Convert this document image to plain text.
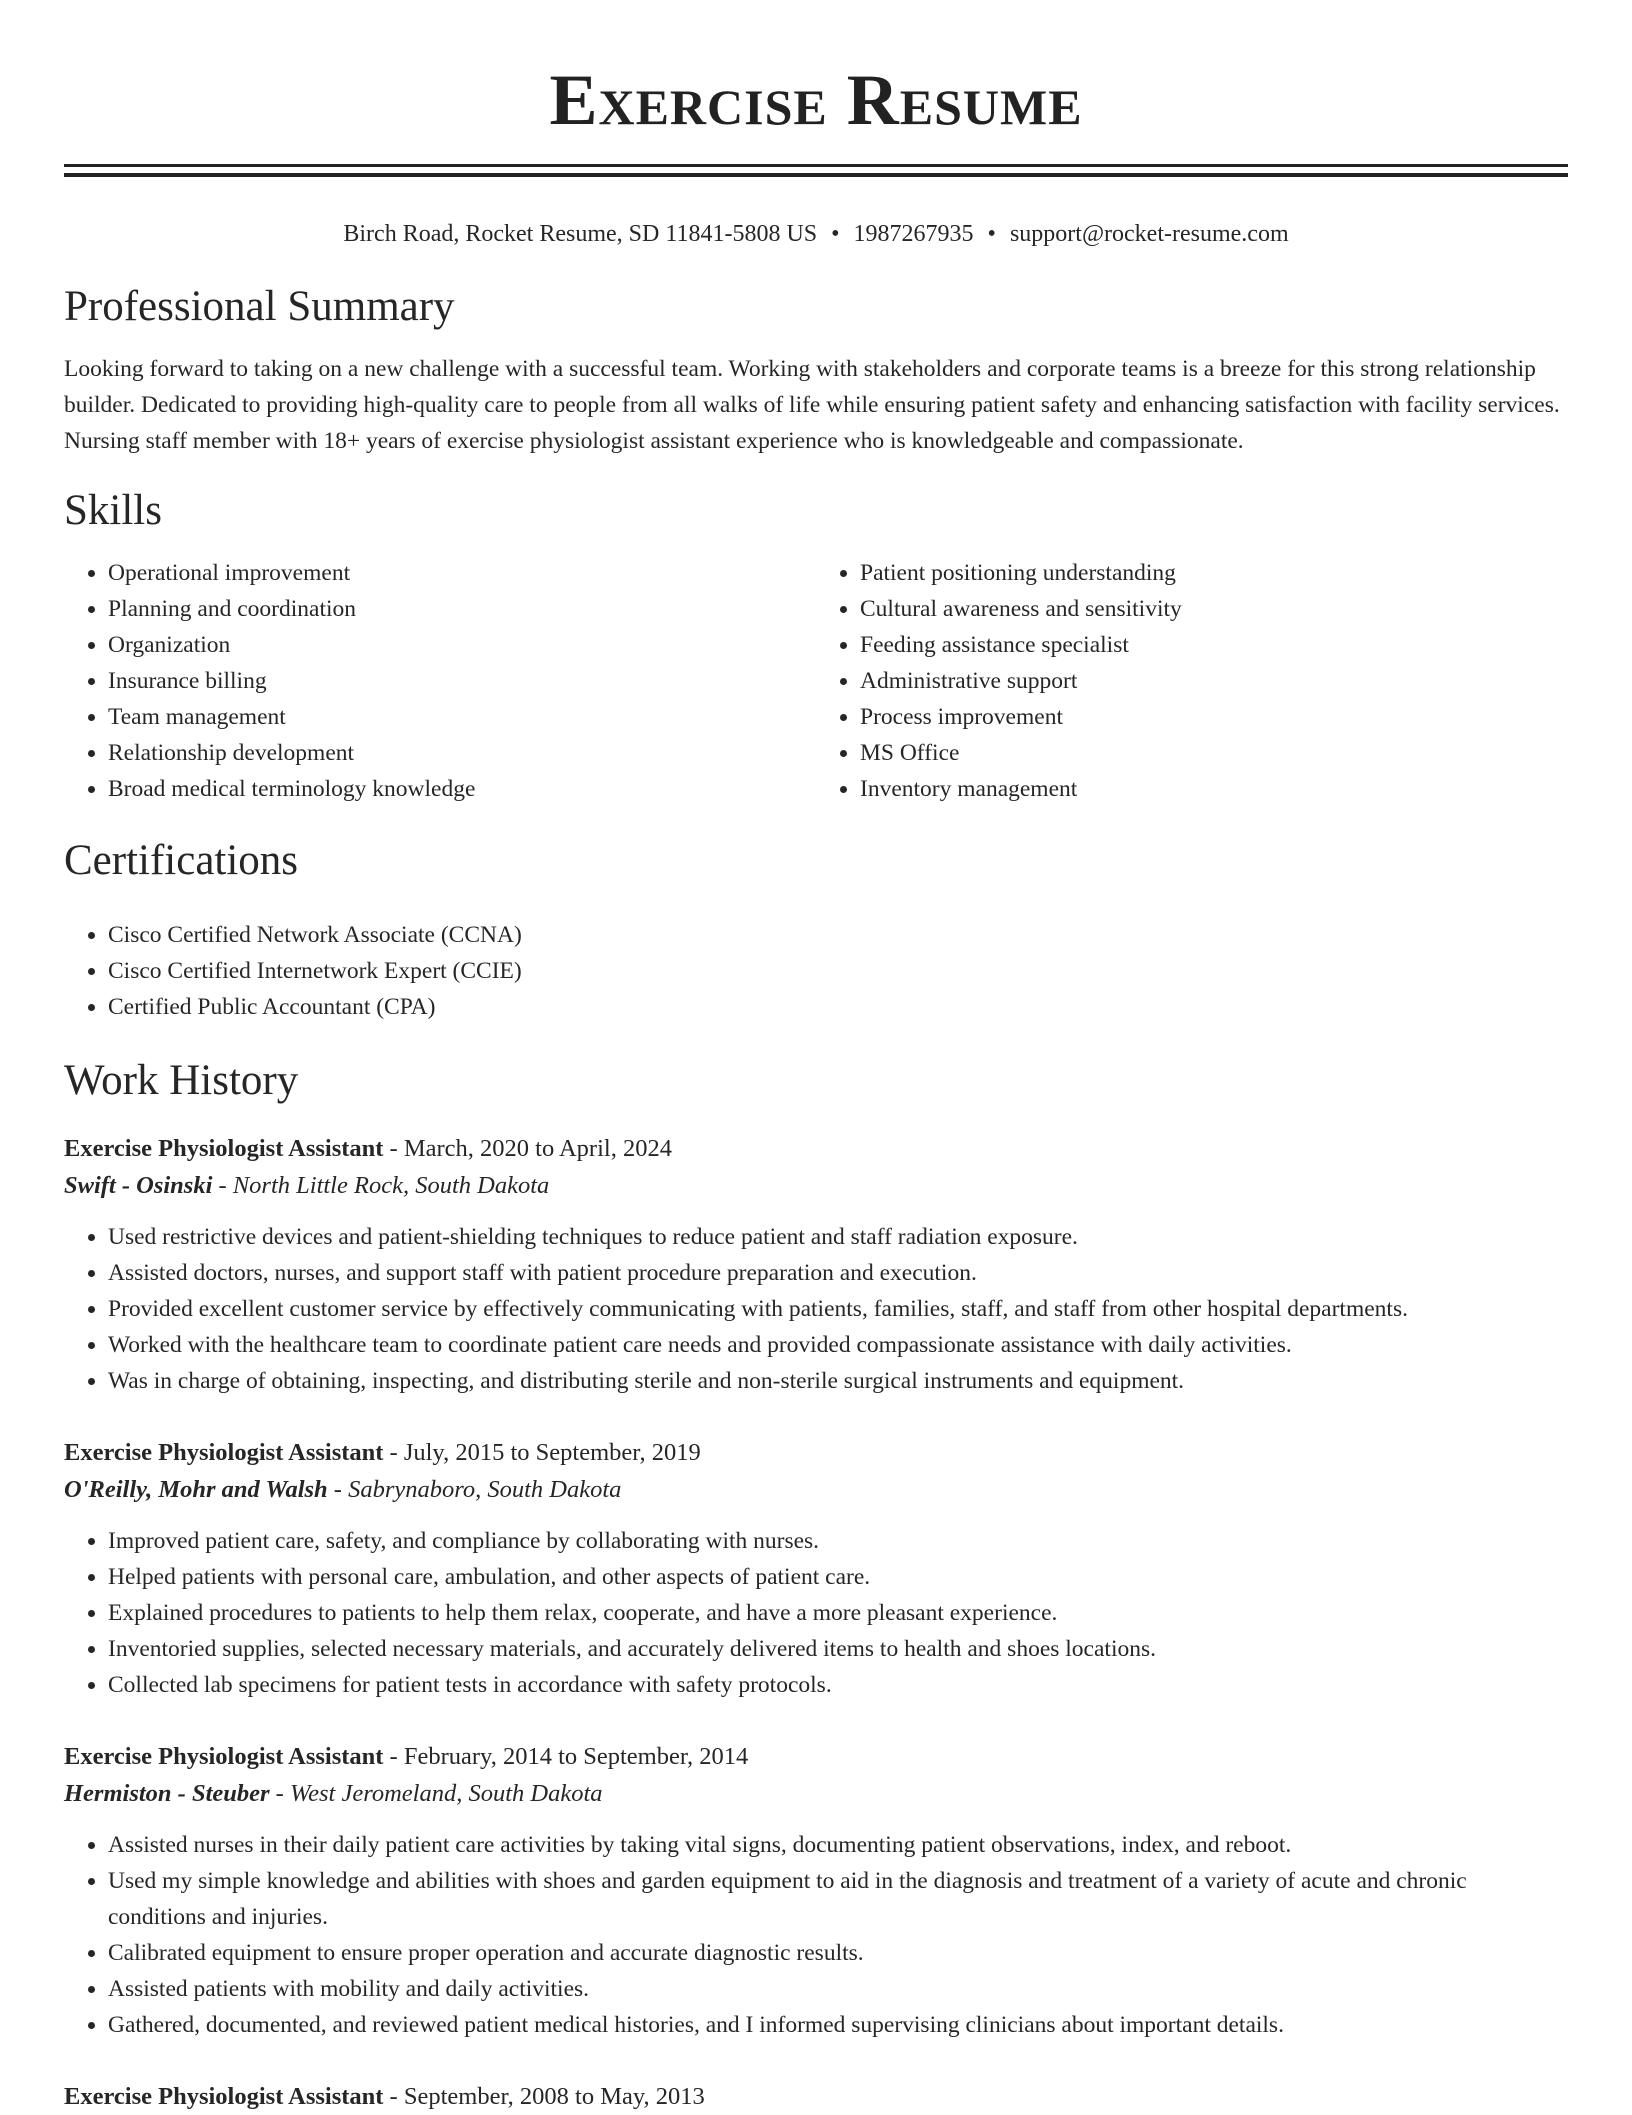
Exercise Resume
Birch Road, Rocket Resume, SD 11841-5808 US • 1987267935 • support@rocket-resume.com
Professional Summary

Looking forward to taking on a new challenge with a successful team. Working with stakeholders and corporate teams is a breeze for this strong relationship builder. Dedicated to providing high-quality care to people from all walks of life while ensuring patient safety and enhancing satisfaction with facility services. Nursing staff member with 18+ years of exercise physiologist assistant experience who is knowledgeable and compassionate.

Skills
• Operational improvement
• Planning and coordination
• Organization
• Insurance billing
• Team management
• Relationship development
• Broad medical terminology knowledge
• Patient positioning understanding
• Cultural awareness and sensitivity
• Feeding assistance specialist
• Administrative support
• Process improvement
• MS Office
• Inventory management
Certifications
• Cisco Certified Network Associate (CCNA)
• Cisco Certified Internetwork Expert (CCIE)
• Certified Public Accountant (CPA)
Work History
Exercise Physiologist Assistant - March, 2020 to April, 2024
Swift - Osinski - North Little Rock, South Dakota
• Used restrictive devices and patient-shielding techniques to reduce patient and staff radiation exposure.
• Assisted doctors, nurses, and support staff with patient procedure preparation and execution.
• Provided excellent customer service by effectively communicating with patients, families, staff, and staff from other hospital departments.
• Worked with the healthcare team to coordinate patient care needs and provided compassionate assistance with daily activities.
• Was in charge of obtaining, inspecting, and distributing sterile and non-sterile surgical instruments and equipment.
Exercise Physiologist Assistant - July, 2015 to September, 2019
O'Reilly, Mohr and Walsh - Sabrynaboro, South Dakota
• Improved patient care, safety, and compliance by collaborating with nurses.
• Helped patients with personal care, ambulation, and other aspects of patient care.
• Explained procedures to patients to help them relax, cooperate, and have a more pleasant experience.
• Inventoried supplies, selected necessary materials, and accurately delivered items to health and shoes locations.
• Collected lab specimens for patient tests in accordance with safety protocols.
Exercise Physiologist Assistant - February, 2014 to September, 2014
Hermiston - Steuber - West Jeromeland, South Dakota
• Assisted nurses in their daily patient care activities by taking vital signs, documenting patient observations, index, and reboot.
• Used my simple knowledge and abilities with shoes and garden equipment to aid in the diagnosis and treatment of a variety of acute and chronic conditions and injuries.
• Calibrated equipment to ensure proper operation and accurate diagnostic results.
• Assisted patients with mobility and daily activities.
• Gathered, documented, and reviewed patient medical histories, and I informed supervising clinicians about important details.
Exercise Physiologist Assistant - September, 2008 to May, 2013
